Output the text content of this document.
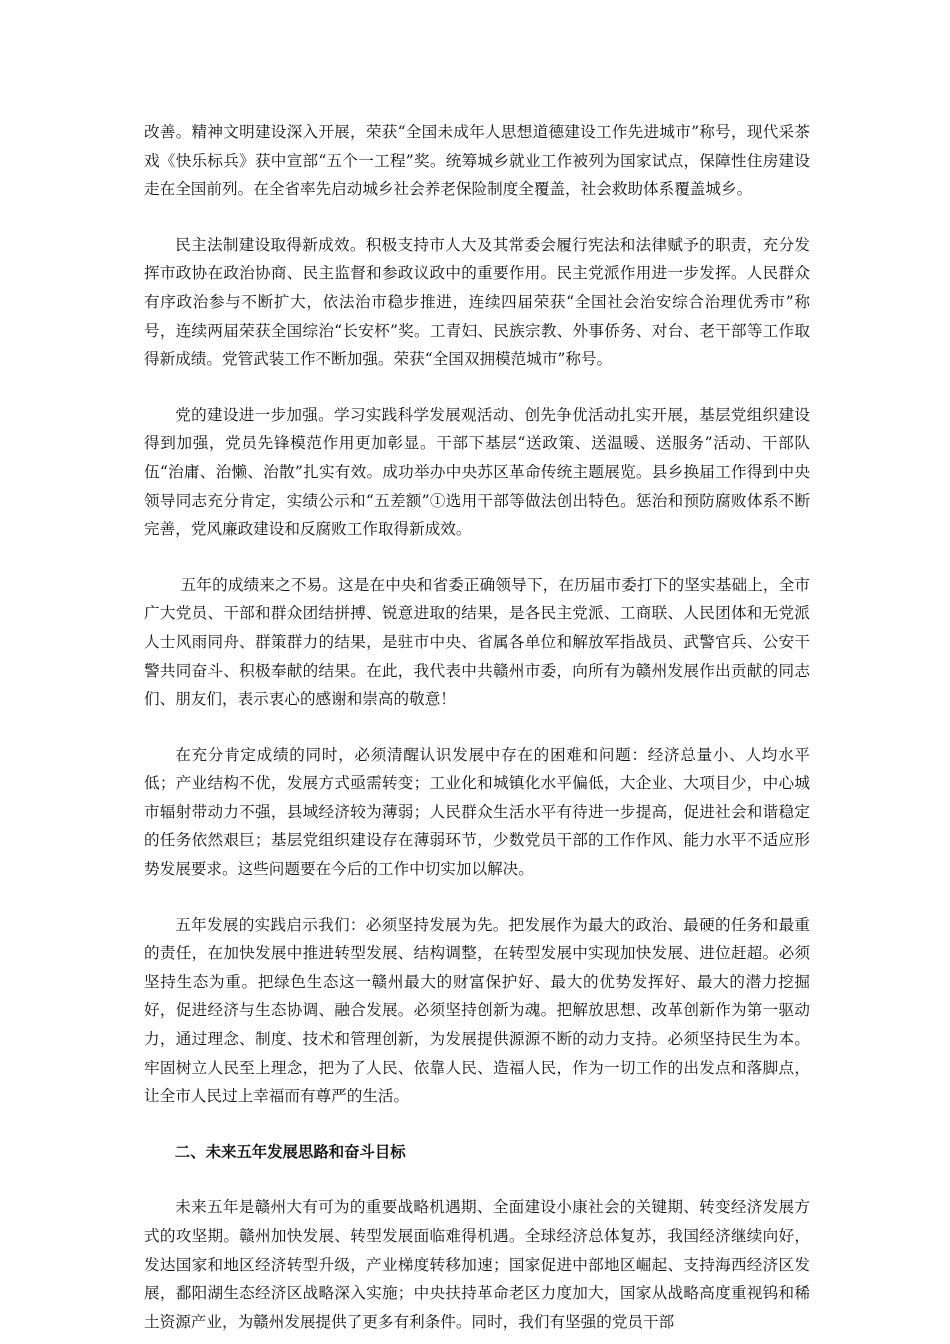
改善。精神文明建设深入开展，荣获“全国未成年人思想道德建设工作先进城市”称号，现代采茶戏《快乐标兵》获中宣部“五个一工程”奖。统筹城乡就业工作被列为国家试点，保障性住房建设走在全国前列。在全省率先启动城乡社会养老保险制度全覆盖，社会救助体系覆盖城乡。

民主法制建设取得新成效。积极支持市人大及其常委会履行宪法和法律赋予的职责，充分发挥市政协在政治协商、民主监督和参政议政中的重要作用。民主党派作用进一步发挥。人民群众有序政治参与不断扩大，依法治市稳步推进，连续四届荣获“全国社会治安综合治理优秀市”称号，连续两届荣获全国综治“长安杯”奖。工青妇、民族宗教、外事侨务、对台、老干部等工作取得新成绩。党管武装工作不断加强。荣获“全国双拥模范城市”称号。

党的建设进一步加强。学习实践科学发展观活动、创先争优活动扎实开展，基层党组织建设得到加强，党员先锋模范作用更加彰显。干部下基层“送政策、送温暖、送服务”活动、干部队伍“治庸、治懒、治散”扎实有效。成功举办中央苏区革命传统主题展览。县乡换届工作得到中央领导同志充分肯定，实绩公示和“五差额”①选用干部等做法创出特色。惩治和预防腐败体系不断完善，党风廉政建设和反腐败工作取得新成效。

五年的成绩来之不易。这是在中央和省委正确领导下，在历届市委打下的坚实基础上，全市广大党员、干部和群众团结拼搏、锐意进取的结果，是各民主党派、工商联、人民团体和无党派人士风雨同舟、群策群力的结果，是驻市中央、省属各单位和解放军指战员、武警官兵、公安干警共同奋斗、积极奉献的结果。在此，我代表中共赣州市委，向所有为赣州发展作出贡献的同志们、朋友们，表示衷心的感谢和崇高的敬意！

在充分肯定成绩的同时，必须清醒认识发展中存在的困难和问题：经济总量小、人均水平低；产业结构不优，发展方式亟需转变；工业化和城镇化水平偏低，大企业、大项目少，中心城市辐射带动力不强，县域经济较为薄弱；人民群众生活水平有待进一步提高，促进社会和谐稳定的任务依然艰巨；基层党组织建设存在薄弱环节，少数党员干部的工作作风、能力水平不适应形势发展要求。这些问题要在今后的工作中切实加以解决。

五年发展的实践启示我们：必须坚持发展为先。把发展作为最大的政治、最硬的任务和最重的责任，在加快发展中推进转型发展、结构调整，在转型发展中实现加快发展、进位赶超。必须坚持生态为重。把绿色生态这一赣州最大的财富保护好、最大的优势发挥好、最大的潜力挖掘好，促进经济与生态协调、融合发展。必须坚持创新为魂。把解放思想、改革创新作为第一驱动力，通过理念、制度、技术和管理创新，为发展提供源源不断的动力支持。必须坚持民生为本。牢固树立人民至上理念，把为了人民、依靠人民、造福人民，作为一切工作的出发点和落脚点，让全市人民过上幸福而有尊严的生活。

二、未来五年发展思路和奋斗目标

未来五年是赣州大有可为的重要战略机遇期、全面建设小康社会的关键期、转变经济发展方式的攻坚期。赣州加快发展、转型发展面临难得机遇。全球经济总体复苏，我国经济继续向好，发达国家和地区经济转型升级，产业梯度转移加速；国家促进中部地区崛起、支持海西经济区发展，鄱阳湖生态经济区战略深入实施；中央扶持革命老区力度加大，国家从战略高度重视钨和稀土资源产业，为赣州发展提供了更多有利条件。同时，我们有坚强的党员干部
